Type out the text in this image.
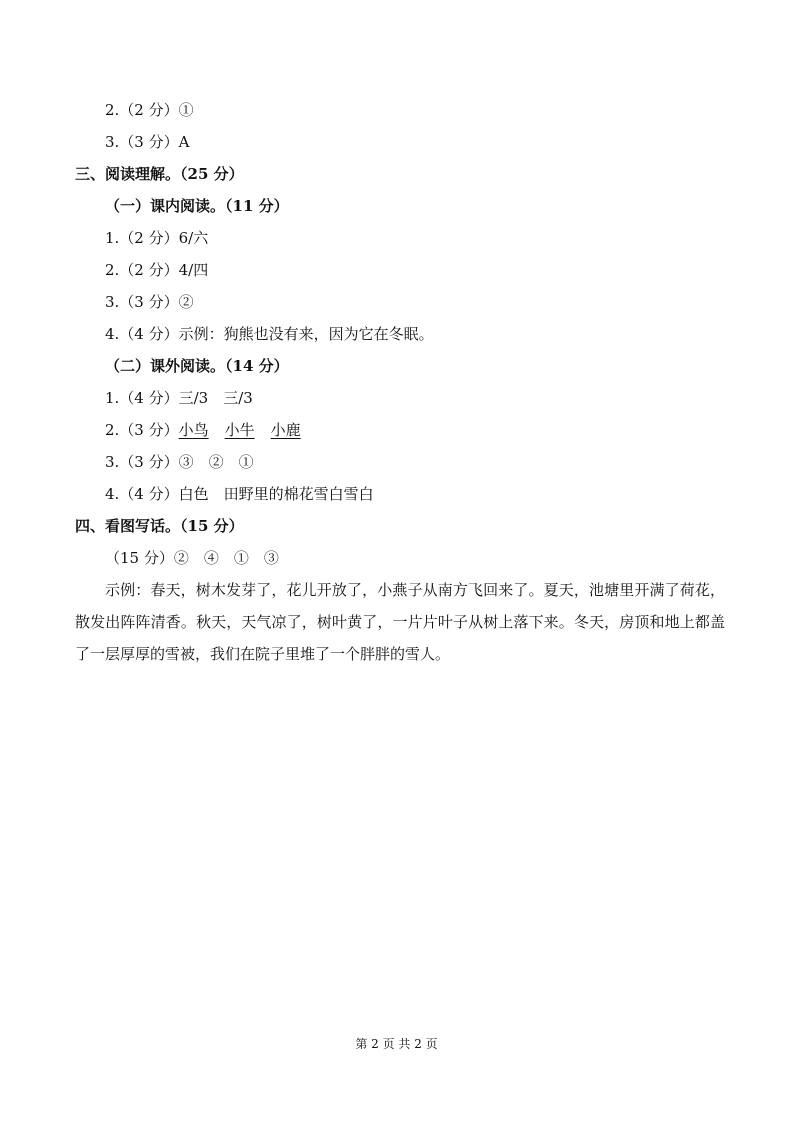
2.（2 分）①
3.（3 分）A
三、阅读理解。（25 分）
（一）课内阅读。（11 分）
1.（2 分）6/六
2.（2 分）4/四
3.（3 分）②
4.（4 分）示例：狗熊也没有来，因为它在冬眠。
（二）课外阅读。（14 分）
1.（4 分）三/3　三/3
2.（3 分）小鸟 小牛 小鹿
3.（3 分）③　②　①
4.（4 分）白色　田野里的棉花雪白雪白
四、看图写话。（15 分）
（15 分）②　④　①　③
示例：春天，树木发芽了，花儿开放了，小燕子从南方飞回来了。夏天，池塘里开满了荷花，散发出阵阵清香。秋天，天气凉了，树叶黄了，一片片叶子从树上落下来。冬天，房顶和地上都盖了一层厚厚的雪被，我们在院子里堆了一个胖胖的雪人。
第 2 页 共 2 页
